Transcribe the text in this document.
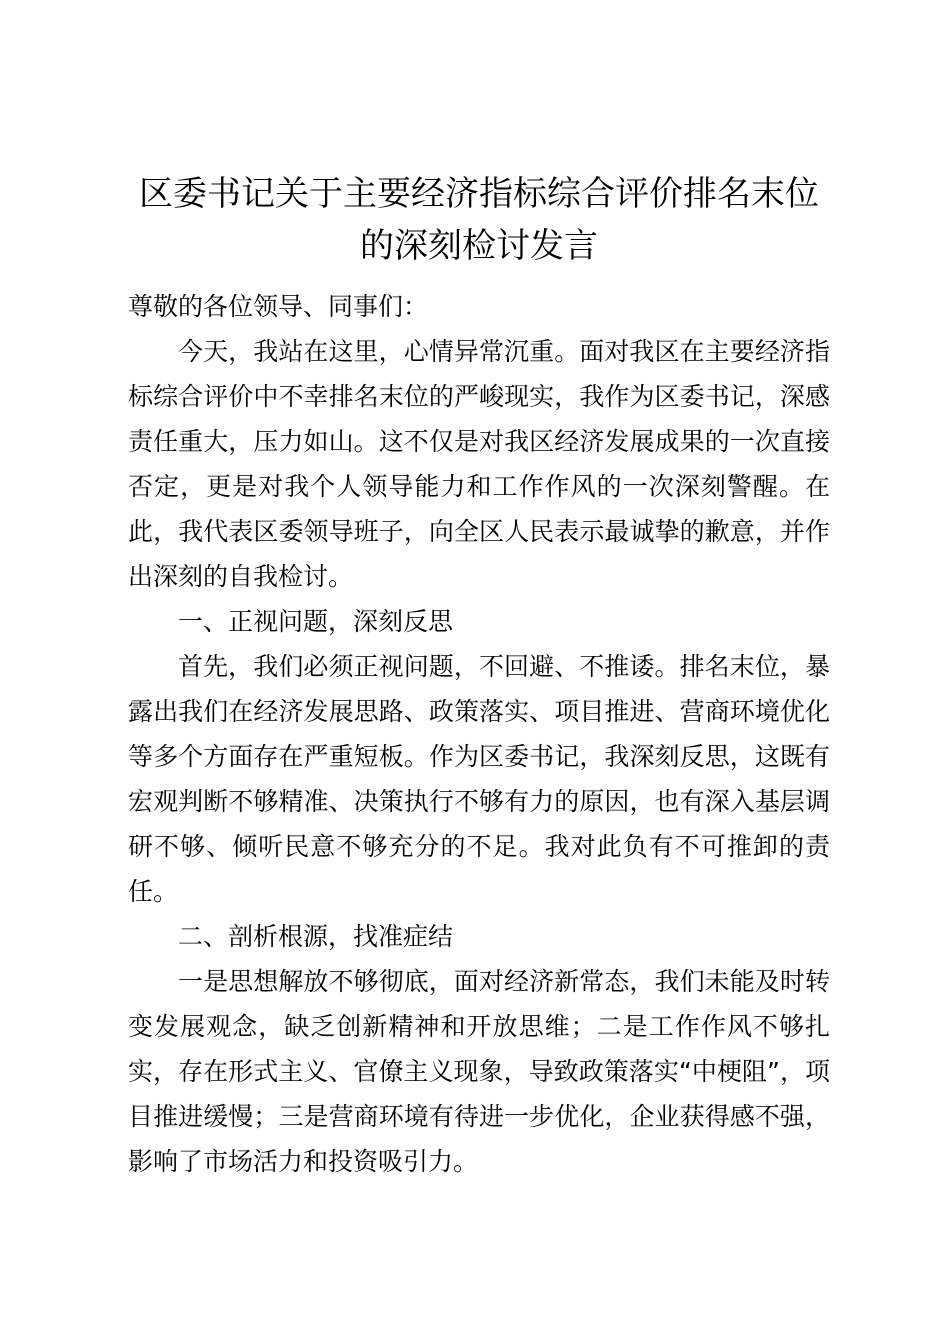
区委书记关于主要经济指标综合评价排名末位的深刻检讨发言

尊敬的各位领导、同事们：

今天，我站在这里，心情异常沉重。面对我区在主要经济指标综合评价中不幸排名末位的严峻现实，我作为区委书记，深感责任重大，压力如山。这不仅是对我区经济发展成果的一次直接否定，更是对我个人领导能力和工作作风的一次深刻警醒。在此，我代表区委领导班子，向全区人民表示最诚挚的歉意，并作出深刻的自我检讨。

一、正视问题，深刻反思

首先，我们必须正视问题，不回避、不推诿。排名末位，暴露出我们在经济发展思路、政策落实、项目推进、营商环境优化等多个方面存在严重短板。作为区委书记，我深刻反思，这既有宏观判断不够精准、决策执行不够有力的原因，也有深入基层调研不够、倾听民意不够充分的不足。我对此负有不可推卸的责任。

二、剖析根源，找准症结

一是思想解放不够彻底，面对经济新常态，我们未能及时转变发展观念，缺乏创新精神和开放思维；二是工作作风不够扎实，存在形式主义、官僚主义现象，导致政策落实“中梗阻”，项目推进缓慢；三是营商环境有待进一步优化，企业获得感不强，影响了市场活力和投资吸引力。
